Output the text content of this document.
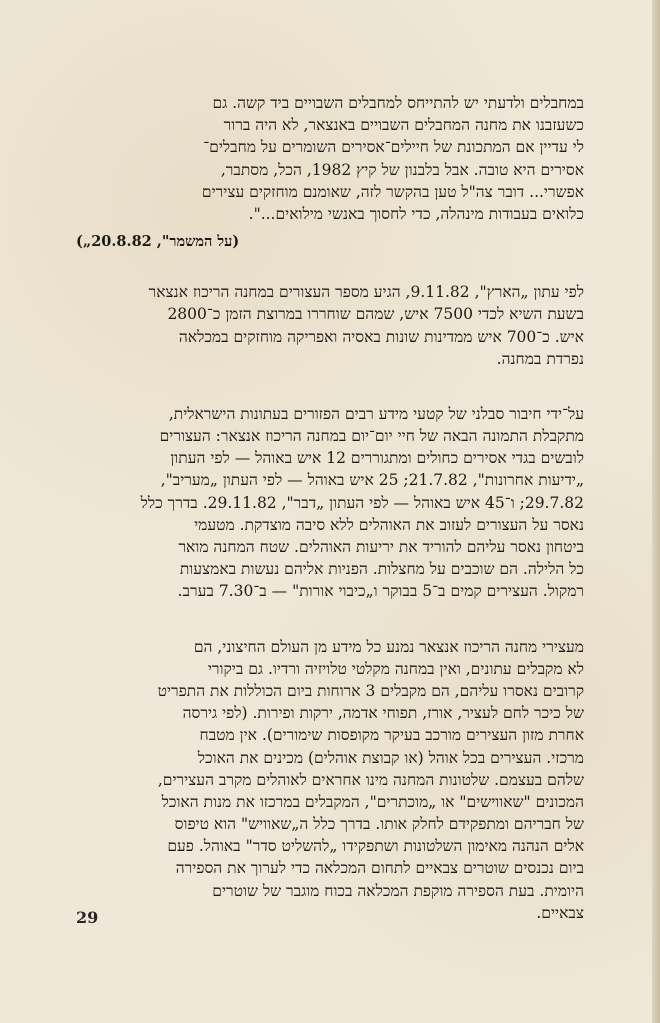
במחבלים ולדעתי יש להתייחס למחבלים השבויים ביד קשה. גם
כשעזבנו את מחנה המחבלים השבויים באנצאר, לא היה ברור
לי עדיין אם המתכונת של חיילים־אסירים השומרים על מחבלים־
אסירים היא טובה. אבל בלבנון של קיץ 1982, הכל, מסתבר,
אפשרי... דובר צה"ל טען בהקשר לזה, שאומנם מוחזקים עצירים
כלואים בעבודות מינהלה, כדי לחסוך באנשי מילואים...".
(„על המשמר", 20.8.82)
לפי עתון „הארץ", 9.11.82, הגיע מספר העצורים במחנה הריכוז אנצאר
בשעת השיא לכדי 7500 איש, שמהם שוחררו במרוצת הזמן כ־2800
איש. כ־700 איש ממדינות שונות באסיה ואפריקה מוחזקים במכלאה
נפרדת במחנה.
על־ידי חיבור סבלני של קטעי מידע רבים הפזורים בעתונות הישראלית,
מתקבלת התמונה הבאה של חיי יום־יום במחנה הריכוז אנצאר: העצורים
לובשים בגדי אסירים כחולים ומתגוררים 12 איש באוהל — לפי העתון
„ידיעות אחרונות", 21.7.82; 25 איש באוהל — לפי העתון „מעריב",
29.7.82; ו־45 איש באוהל — לפי העתון „דבר", 29.11.82. בדרך כלל
נאסר על העצורים לעזוב את האוהלים ללא סיבה מוצדקת. מטעמי
ביטחון נאסר עליהם להוריד את יריעות האוהלים. שטח המחנה מואר
כל הלילה. הם שוכבים על מחצלות. הפניות אליהם נעשות באמצעות
רמקול. העצירים קמים ב־5 בבוקר ו„כיבוי אורות" — ב־7.30 בערב.
מעצירי מחנה הריכוז אנצאר נמנע כל מידע מן העולם החיצוני, הם
לא מקבלים עתונים, ואין במחנה מקלטי טלויזיה ורדיו. גם ביקורי
קרובים נאסרו עליהם, הם מקבלים 3 ארוחות ביום הכוללות את התפריט
של כיכר לחם לעציר, אורז, תפוחי אדמה, ירקות ופירות. (לפי גירסה
אחרת מזון העצירים מורכב בעיקר מקופסות שימורים). אין מטבח
מרכזי. העצירים בכל אוהל (או קבוצת אוהלים) מכינים את האוכל
שלהם בעצמם. שלטונות המחנה מינו אחראים לאוהלים מקרב העצירים,
המכונים "שאווישים" או „מוכתרים", המקבלים במרכזו את מנות האוכל
של חבריהם ומתפקידם לחלק אותו. בדרך כלל ה„שאוויש" הוא טיפוס
אלים הנהנה מאימון השלטונות ושתפקידו „להשליט סדר" באוהל. פעם
ביום נכנסים שוטרים צבאיים לתחום המכלאה כדי לערוך את הספירה
היומית. בעת הספירה מוקפת המכלאה בכוח מוגבר של שוטרים
צבאיים.
29
